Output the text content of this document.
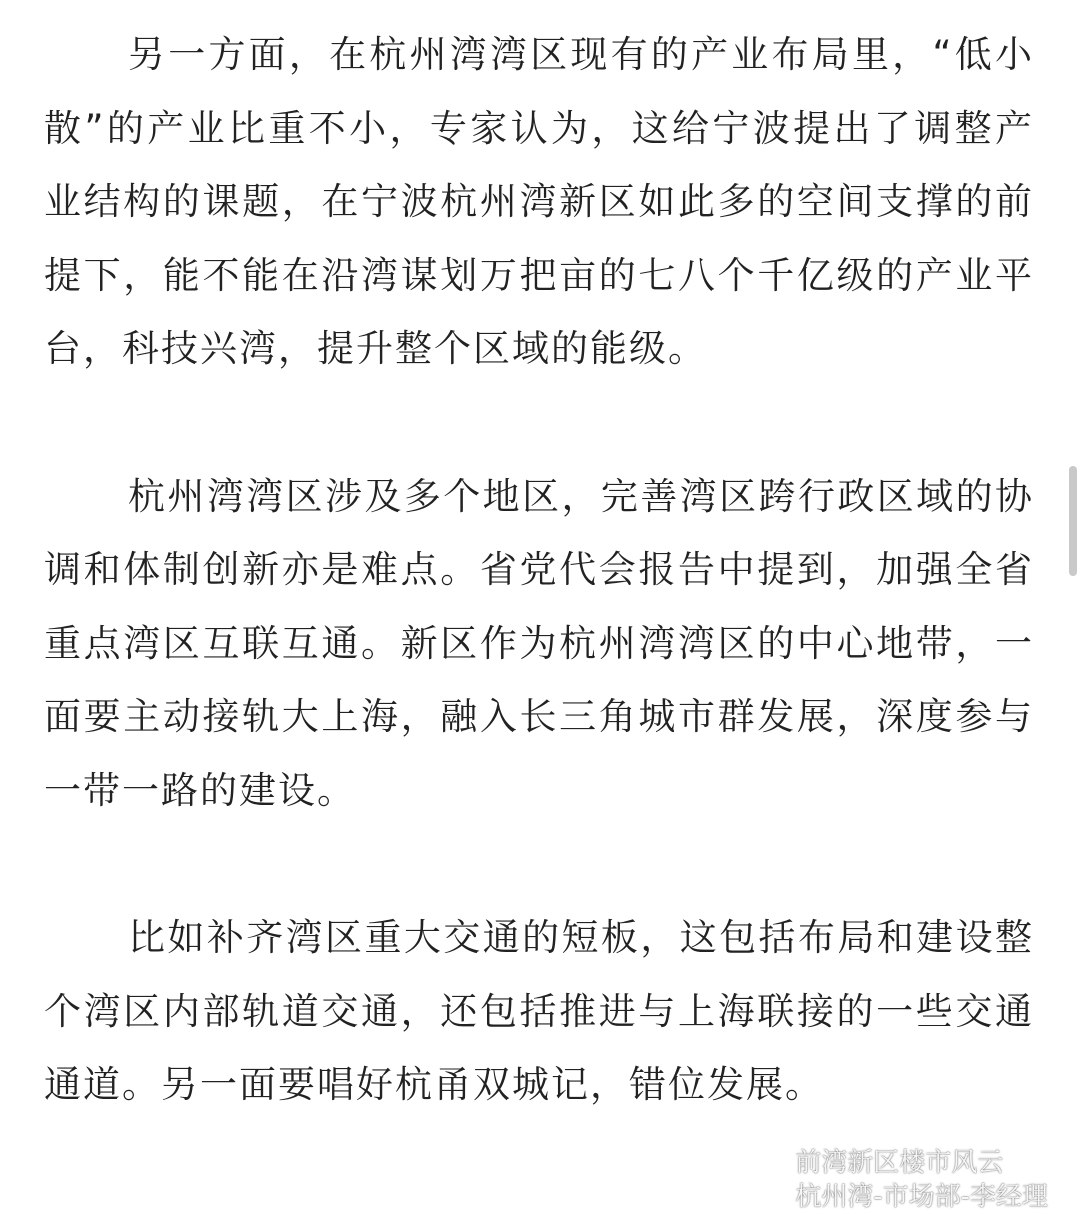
另一方面，在杭州湾湾区现有的产业布局里，“低小散”的产业比重不小，专家认为，这给宁波提出了调整产业结构的课题，在宁波杭州湾新区如此多的空间支撑的前提下，能不能在沿湾谋划万把亩的七八个千亿级的产业平台，科技兴湾，提升整个区域的能级。

杭州湾湾区涉及多个地区，完善湾区跨行政区域的协调和体制创新亦是难点。省党代会报告中提到，加强全省重点湾区互联互通。新区作为杭州湾湾区的中心地带，一面要主动接轨大上海，融入长三角城市群发展，深度参与一带一路的建设。

比如补齐湾区重大交通的短板，这包括布局和建设整个湾区内部轨道交通，还包括推进与上海联接的一些交通通道。另一面要唱好杭甬双城记，错位发展。

前湾新区楼市风云
杭州湾-市场部-李经理
